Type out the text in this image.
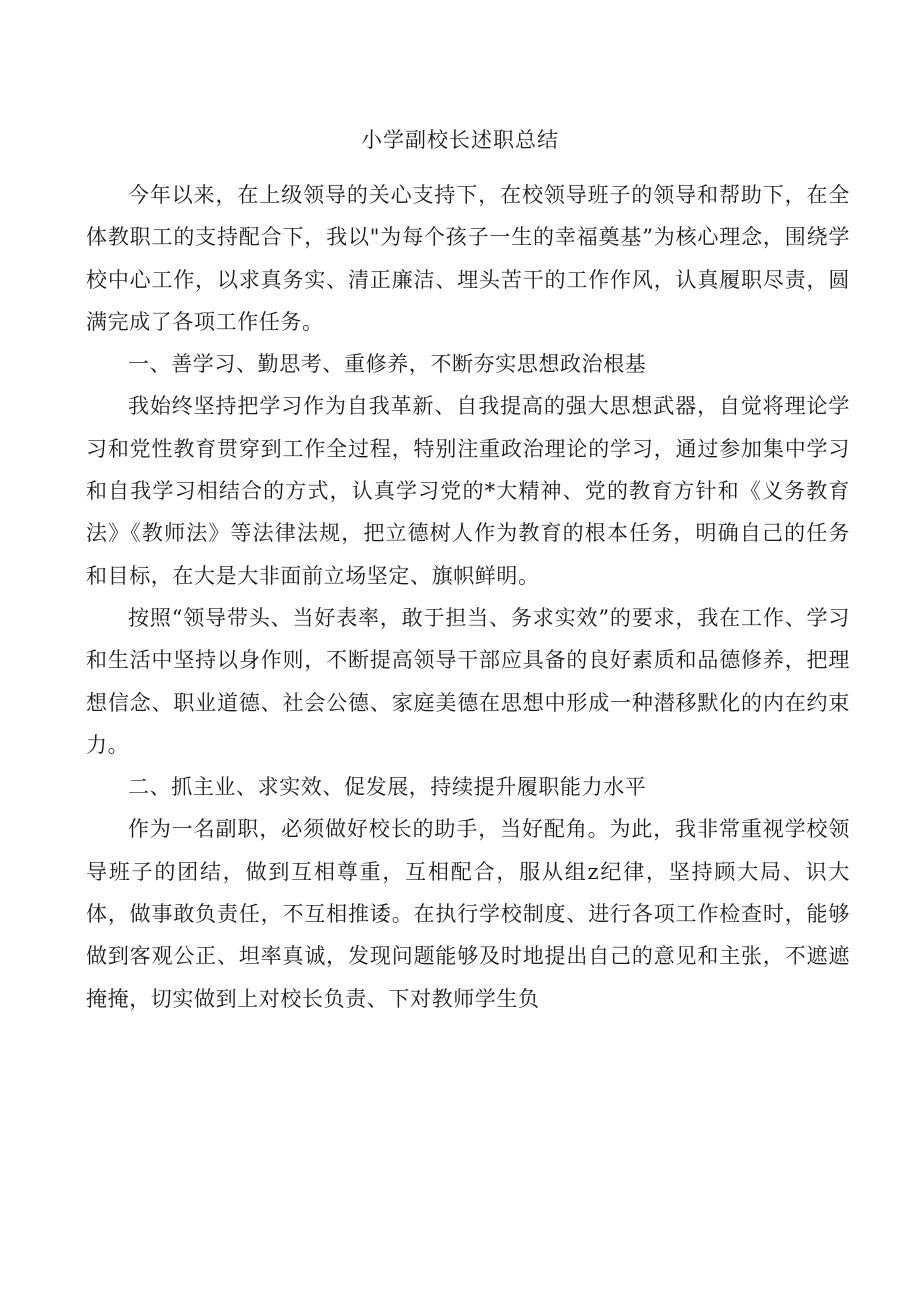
小学副校长述职总结

今年以来，在上级领导的关心支持下，在校领导班子的领导和帮助下，在全体教职工的支持配合下，我以"为每个孩子一生的幸福奠基”为核心理念，围绕学校中心工作，以求真务实、清正廉洁、埋头苦干的工作作风，认真履职尽责，圆满完成了各项工作任务。

一、善学习、勤思考、重修养，不断夯实思想政治根基

我始终坚持把学习作为自我革新、自我提高的强大思想武器，自觉将理论学习和党性教育贯穿到工作全过程，特别注重政治理论的学习，通过参加集中学习和自我学习相结合的方式，认真学习党的*大精神、党的教育方针和《义务教育法》《教师法》等法律法规，把立德树人作为教育的根本任务，明确自己的任务和目标，在大是大非面前立场坚定、旗帜鲜明。

按照“领导带头、当好表率，敢于担当、务求实效”的要求，我在工作、学习和生活中坚持以身作则，不断提高领导干部应具备的良好素质和品德修养，把理想信念、职业道德、社会公德、家庭美德在思想中形成一种潜移默化的内在约束力。

二、抓主业、求实效、促发展，持续提升履职能力水平

作为一名副职，必须做好校长的助手，当好配角。为此，我非常重视学校领导班子的团结，做到互相尊重，互相配合，服从组z纪律，坚持顾大局、识大体，做事敢负责任，不互相推诿。在执行学校制度、进行各项工作检查时，能够做到客观公正、坦率真诚，发现问题能够及时地提出自己的意见和主张，不遮遮掩掩，切实做到上对校长负责、下对教师学生负
